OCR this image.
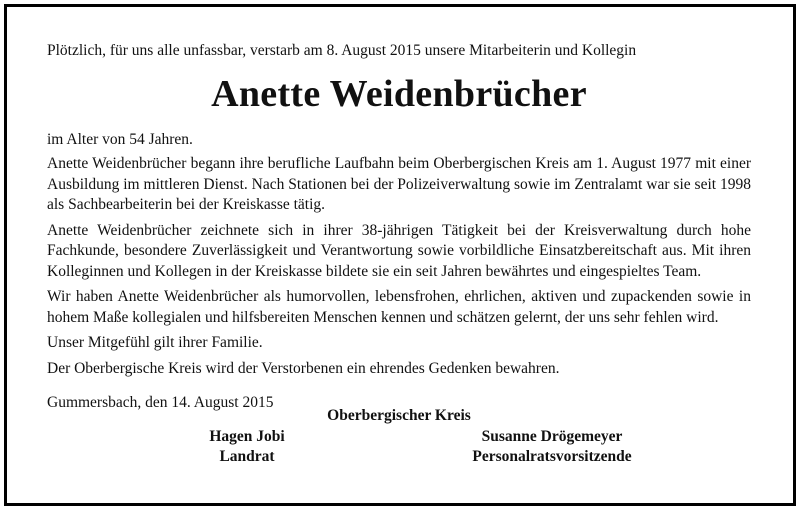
Plötzlich, für uns alle unfassbar, verstarb am 8. August 2015 unsere Mitarbeiterin und Kollegin

Anette Weidenbrücher

im Alter von 54 Jahren.

Anette Weidenbrücher begann ihre berufliche Laufbahn beim Oberbergischen Kreis am 1. August 1977 mit einer Ausbildung im mittleren Dienst. Nach Stationen bei der Polizeiverwaltung sowie im Zentralamt war sie seit 1998 als Sachbearbeiterin bei der Kreiskasse tätig.

Anette Weidenbrücher zeichnete sich in ihrer 38-jährigen Tätigkeit bei der Kreisverwaltung durch hohe Fachkunde, besondere Zuverlässigkeit und Verantwortung sowie vorbildliche Einsatzbereitschaft aus. Mit ihren Kolleginnen und Kollegen in der Kreiskasse bildete sie ein seit Jahren bewährtes und eingespieltes Team.

Wir haben Anette Weidenbrücher als humorvollen, lebensfrohen, ehrlichen, aktiven und zupackenden sowie in hohem Maße kollegialen und hilfsbereiten Menschen kennen und schätzen gelernt, der uns sehr fehlen wird.

Unser Mitgefühl gilt ihrer Familie.

Der Oberbergische Kreis wird der Verstorbenen ein ehrendes Gedenken bewahren.

Gummersbach, den 14. August 2015

Oberbergischer Kreis
Hagen Jobi
Landrat
Susanne Drögemeyer
Personalratsvorsitzende
